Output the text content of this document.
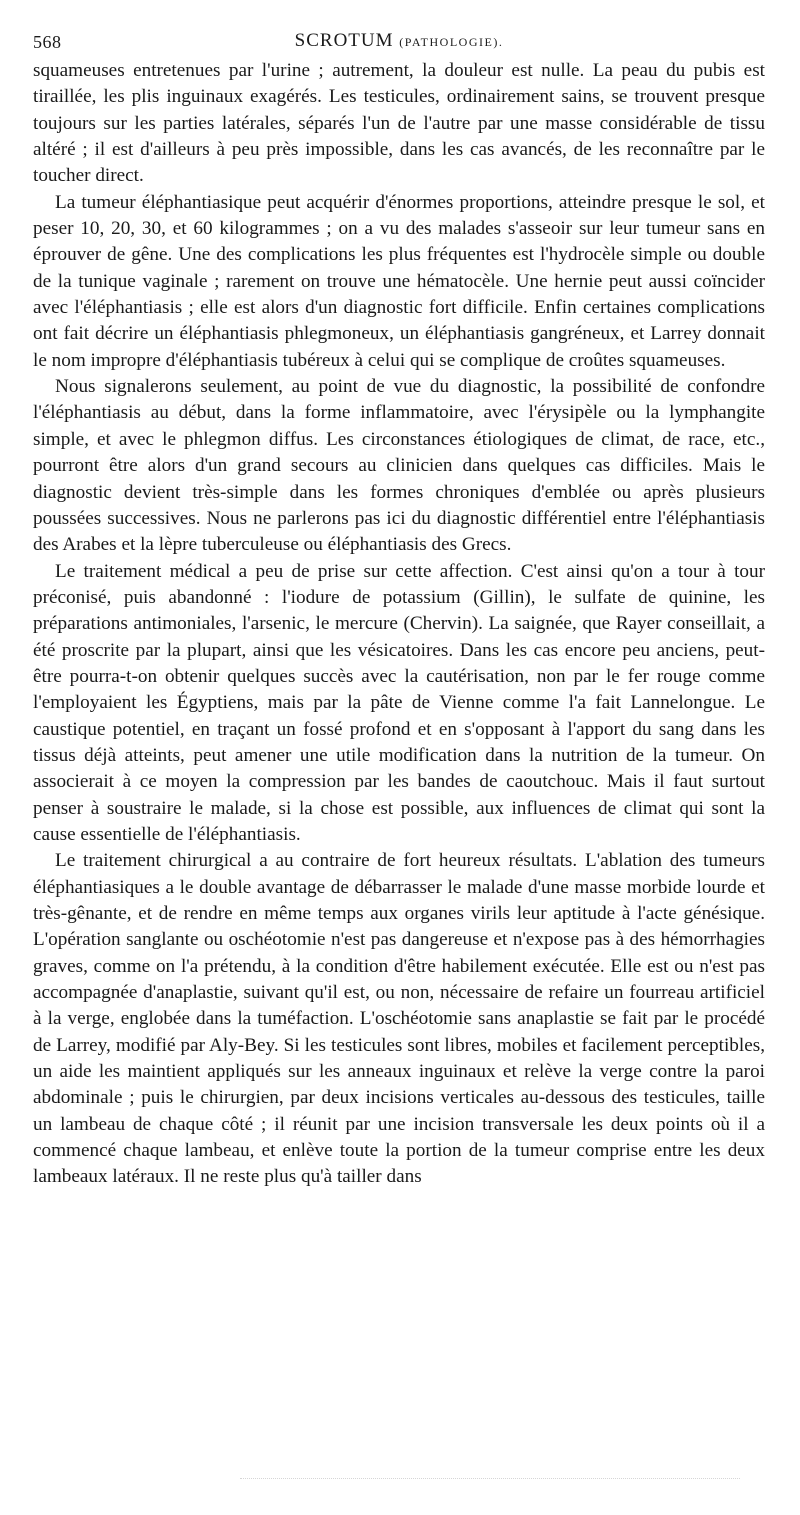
568	SCROTUM (PATHOLOGIE).

squameuses entretenues par l'urine ; autrement, la douleur est nulle. La peau du pubis est tiraillée, les plis inguinaux exagérés. Les testicules, ordinairement sains, se trouvent presque toujours sur les parties latérales, séparés l'un de l'autre par une masse considérable de tissu altéré ; il est d'ailleurs à peu près impossible, dans les cas avancés, de les reconnaître par le toucher direct.

La tumeur éléphantiasique peut acquérir d'énormes proportions, atteindre presque le sol, et peser 10, 20, 30, et 60 kilogrammes ; on a vu des malades s'asseoir sur leur tumeur sans en éprouver de gêne. Une des complications les plus fréquentes est l'hydrocèle simple ou double de la tunique vaginale ; rarement on trouve une hématocèle. Une hernie peut aussi coïncider avec l'éléphantiasis ; elle est alors d'un diagnostic fort difficile. Enfin certaines complications ont fait décrire un éléphantiasis phlegmoneux, un éléphantiasis gangréneux, et Larrey donnait le nom impropre d'éléphantiasis tubéreux à celui qui se complique de croûtes squameuses.

Nous signalerons seulement, au point de vue du diagnostic, la possibilité de confondre l'éléphantiasis au début, dans la forme inflammatoire, avec l'érysipèle ou la lymphangite simple, et avec le phlegmon diffus. Les circonstances étiologiques de climat, de race, etc., pourront être alors d'un grand secours au clinicien dans quelques cas difficiles. Mais le diagnostic devient très-simple dans les formes chroniques d'emblée ou après plusieurs poussées successives. Nous ne parlerons pas ici du diagnostic différentiel entre l'éléphantiasis des Arabes et la lèpre tuberculeuse ou éléphantiasis des Grecs.

Le traitement médical a peu de prise sur cette affection. C'est ainsi qu'on a tour à tour préconisé, puis abandonné : l'iodure de potassium (Gillin), le sulfate de quinine, les préparations antimoniales, l'arsenic, le mercure (Chervin). La saignée, que Rayer conseillait, a été proscrite par la plupart, ainsi que les vésicatoires. Dans les cas encore peu anciens, peut-être pourra-t-on obtenir quelques succès avec la cautérisation, non par le fer rouge comme l'employaient les Égyptiens, mais par la pâte de Vienne comme l'a fait Lannelongue. Le caustique potentiel, en traçant un fossé profond et en s'opposant à l'apport du sang dans les tissus déjà atteints, peut amener une utile modification dans la nutrition de la tumeur. On associerait à ce moyen la compression par les bandes de caoutchouc. Mais il faut surtout penser à soustraire le malade, si la chose est possible, aux influences de climat qui sont la cause essentielle de l'éléphantiasis.

Le traitement chirurgical a au contraire de fort heureux résultats. L'ablation des tumeurs éléphantiasiques a le double avantage de débarrasser le malade d'une masse morbide lourde et très-gênante, et de rendre en même temps aux organes virils leur aptitude à l'acte génésique. L'opération sanglante ou oschéotomie n'est pas dangereuse et n'expose pas à des hémorrhagies graves, comme on l'a prétendu, à la condition d'être habilement exécutée. Elle est ou n'est pas accompagnée d'anaplastie, suivant qu'il est, ou non, nécessaire de refaire un fourreau artificiel à la verge, englobée dans la tuméfaction. L'oschéotomie sans anaplastie se fait par le procédé de Larrey, modifié par Aly-Bey. Si les testicules sont libres, mobiles et facilement perceptibles, un aide les maintient appliqués sur les anneaux inguinaux et relève la verge contre la paroi abdominale ; puis le chirurgien, par deux incisions verticales au-dessous des testicules, taille un lambeau de chaque côté ; il réunit par une incision transversale les deux points où il a commencé chaque lambeau, et enlève toute la portion de la tumeur comprise entre les deux lambeaux latéraux. Il ne reste plus qu'à tailler dans
